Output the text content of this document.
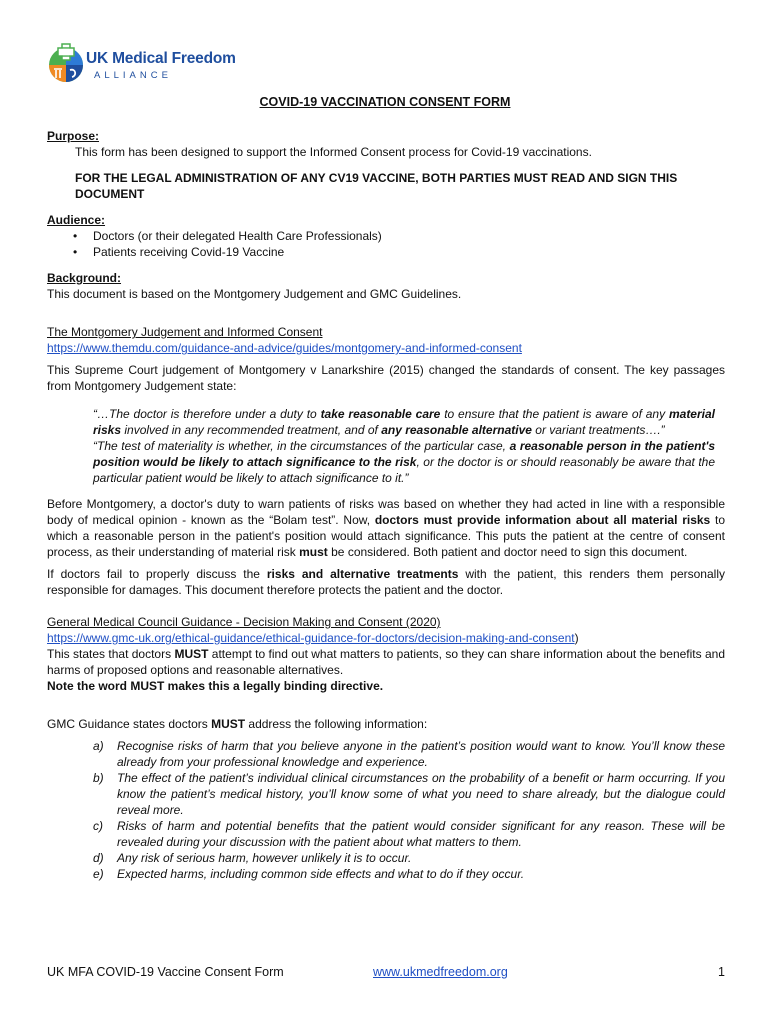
UK Medical Freedom
ALLIANCE
COVID-19 VACCINATION CONSENT FORM

Purpose:

This form has been designed to support the Informed Consent process for Covid-19 vaccinations.

FOR THE LEGAL ADMINISTRATION OF ANY CV19 VACCINE, BOTH PARTIES MUST READ AND SIGN THIS DOCUMENT

Audience:

• Doctors (or their delegated Health Care Professionals)
• Patients receiving Covid-19 Vaccine

Background:

This document is based on the Montgomery Judgement and GMC Guidelines.

The Montgomery Judgement and Informed Consent

https://www.themdu.com/guidance-and-advice/guides/montgomery-and-informed-consent

This Supreme Court judgement of Montgomery v Lanarkshire (2015) changed the standards of consent. The key passages from Montgomery Judgement state:

“…The doctor is therefore under a duty to take reasonable care to ensure that the patient is aware of any material risks involved in any recommended treatment, and of any reasonable alternative or variant treatments….”

“The test of materiality is whether, in the circumstances of the particular case, a reasonable person in the patient's position would be likely to attach significance to the risk, or the doctor is or should reasonably be aware that the particular patient would be likely to attach significance to it.”

Before Montgomery, a doctor's duty to warn patients of risks was based on whether they had acted in line with a responsible body of medical opinion - known as the “Bolam test”. Now, doctors must provide information about all material risks to which a reasonable person in the patient's position would attach significance. This puts the patient at the centre of consent process, as their understanding of material risk must be considered. Both patient and doctor need to sign this document.

If doctors fail to properly discuss the risks and alternative treatments with the patient, this renders them personally responsible for damages. This document therefore protects the patient and the doctor.

General Medical Council Guidance - Decision Making and Consent (2020)

https://www.gmc-uk.org/ethical-guidance/ethical-guidance-for-doctors/decision-making-and-consent)

This states that doctors MUST attempt to find out what matters to patients, so they can share information about the benefits and harms of proposed options and reasonable alternatives.

Note the word MUST makes this a legally binding directive.

GMC Guidance states doctors MUST address the following information:

a) Recognise risks of harm that you believe anyone in the patient’s position would want to know. You’ll know these already from your professional knowledge and experience.
b) The effect of the patient’s individual clinical circumstances on the probability of a benefit or harm occurring. If you know the patient’s medical history, you’ll know some of what you need to share already, but the dialogue could reveal more.
c) Risks of harm and potential benefits that the patient would consider significant for any reason. These will be revealed during your discussion with the patient about what matters to them.
d) Any risk of serious harm, however unlikely it is to occur.
e) Expected harms, including common side effects and what to do if they occur.
UK MFA COVID-19 Vaccine Consent Form	www.ukmedfreedom.org	1
